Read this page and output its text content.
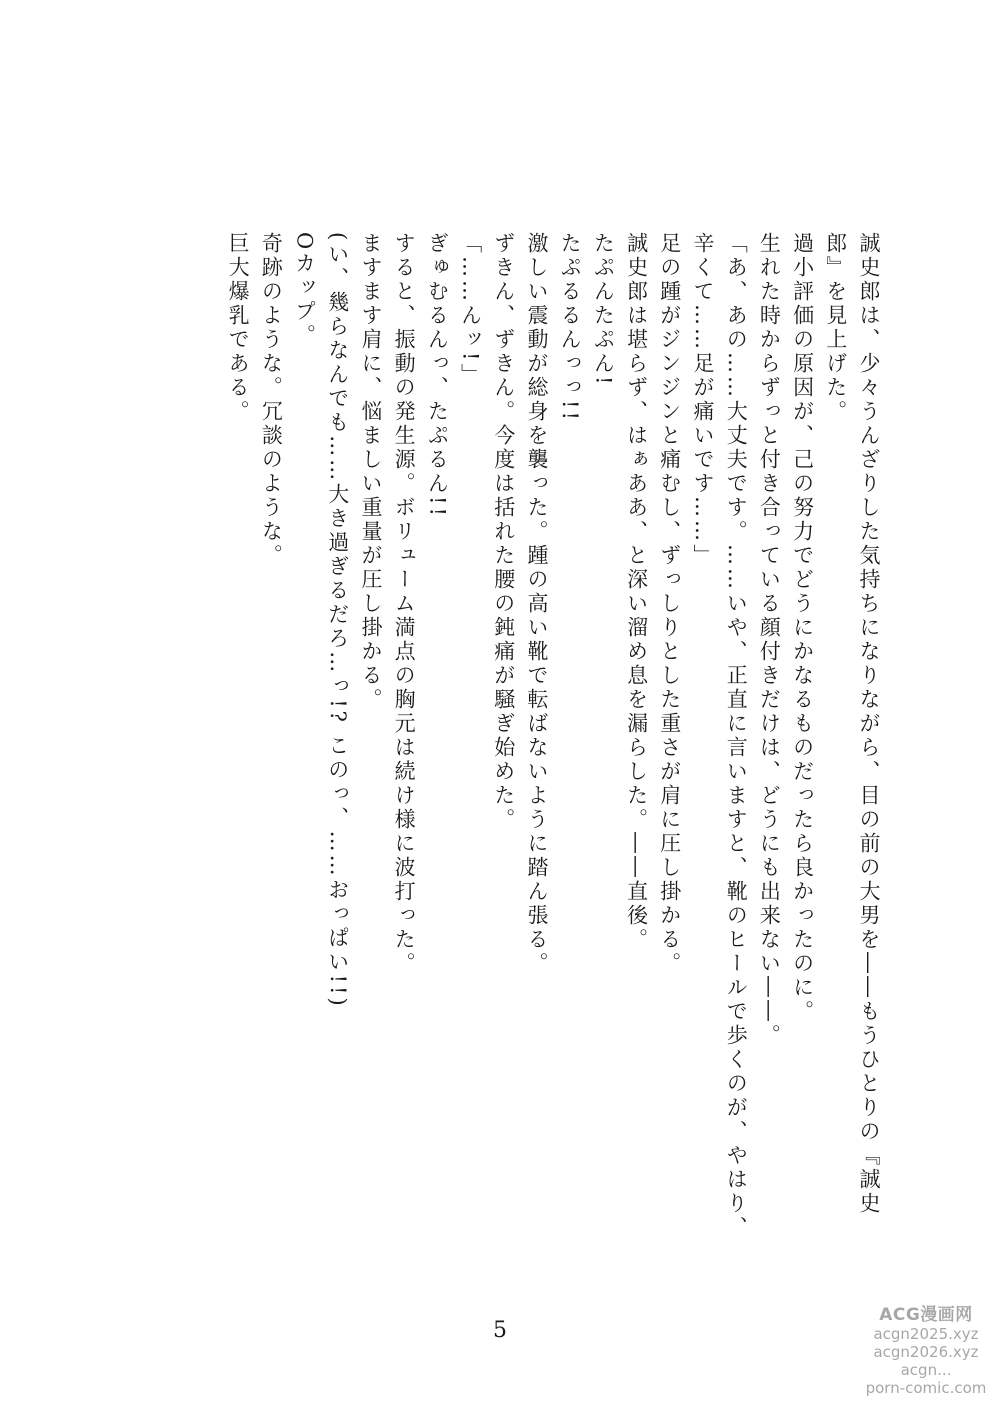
誠史郎は、少々うんざりした気持ちになりながら、目の前の大男を――もうひとりの『誠史郎』を見上げた。

過小評価の原因が、己の努力でどうにかなるものだったら良かったのに。

生れた時からずっと付き合っている顔付きだけは、どうにも出来ない――。

「あ、あの……大丈夫です。……いや、正直に言いますと、靴のヒールで歩くのが、やはり、辛くて……足が痛いです……」

足の踵がジンジンと痛むし、ずっしりとした重さが肩に圧し掛かる。

誠史郎は堪らず、はぁああ、と深い溜め息を漏らした。――直後。

たぷんたぷん!

たぷるるんっっ!!

激しい震動が総身を襲った。踵の高い靴で転ばないように踏ん張る。

ずきん、ずきん。今度は括れた腰の鈍痛が騒ぎ始めた。

「……んッ!」

ぎゅむるんっ、たぷるん!!

すると、振動の発生源。ボリューム満点の胸元は続け様に波打った。

ますます肩に、悩ましい重量が圧し掛かる。

(い、幾らなんでも……大き過ぎるだろ…っ!? このっ、……おっぱい!!)

Oカップ。

奇跡のような。冗談のような。

巨大爆乳である。

5
ACG漫画网
acgn2025.xyz
acgn2026.xyz
acgn...
porn-comic.com
